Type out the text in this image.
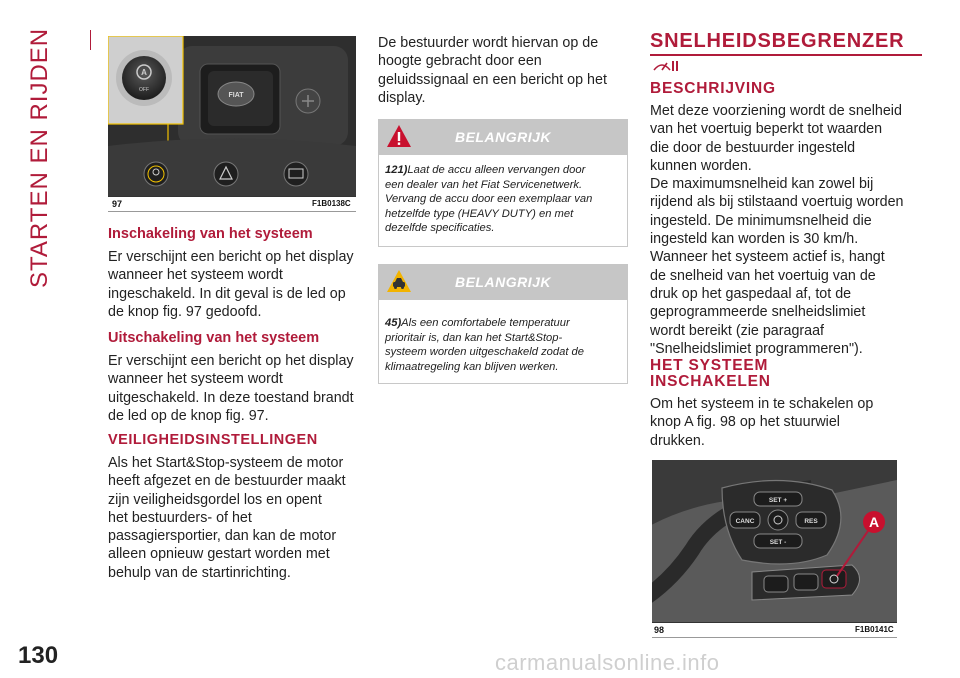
STARTEN EN RIJDEN	FIAT
A
OFF
97	F1B0138C
Inschakeling van het systeem
Er verschijnt een bericht op het display
wanneer het systeem wordt
ingeschakeld. In dit geval is de led op
de knop fig. 97 gedoofd.
Uitschakeling van het systeem
Er verschijnt een bericht op het display
wanneer het systeem wordt
uitgeschakeld. In deze toestand brandt
de led op de knop fig. 97.
VEILIGHEIDSINSTELLINGEN
Als het Start&Stop-systeem de motor
heeft afgezet en de bestuurder maakt
zijn veiligheidsgordel los en opent
het bestuurders- of het
passagiersportier, dan kan de motor
alleen opnieuw gestart worden met
behulp van de startinrichting.
De bestuurder wordt hiervan op de
hoogte gebracht door een
geluidssignaal en een bericht op het
display.
BELANGRIJK
121)Laat de accu alleen vervangen door
een dealer van het Fiat Servicenetwerk.
Vervang de accu door een exemplaar van
hetzelfde type (HEAVY DUTY) en met
dezelfde specificaties.
BELANGRIJK
45)Als een comfortabele temperatuur
prioritair is, dan kan het Start&Stop-
systeem worden uitgeschakeld zodat de
klimaatregeling kan blijven werken.
SNELHEIDSBEGRENZER
BESCHRIJVING
Met deze voorziening wordt de snelheid
van het voertuig beperkt tot waarden
die door de bestuurder ingesteld
kunnen worden.
De maximumsnelheid kan zowel bij
rijdend als bij stilstaand voertuig worden
ingesteld. De minimumsnelheid die
ingesteld kan worden is 30 km/h.
Wanneer het systeem actief is, hangt
de snelheid van het voertuig van de
druk op het gaspedaal af, tot de
geprogrammeerde snelheidslimiet
wordt bereikt (zie paragraaf
"Snelheidslimiet programmeren").
HET SYSTEEM
INSCHAKELEN
Om het systeem in te schakelen op
knop A fig. 98 op het stuurwiel
drukken.
SET +
CANC	RES
SET -
A
98	F1B0141C
130	carmanualsonline.info
